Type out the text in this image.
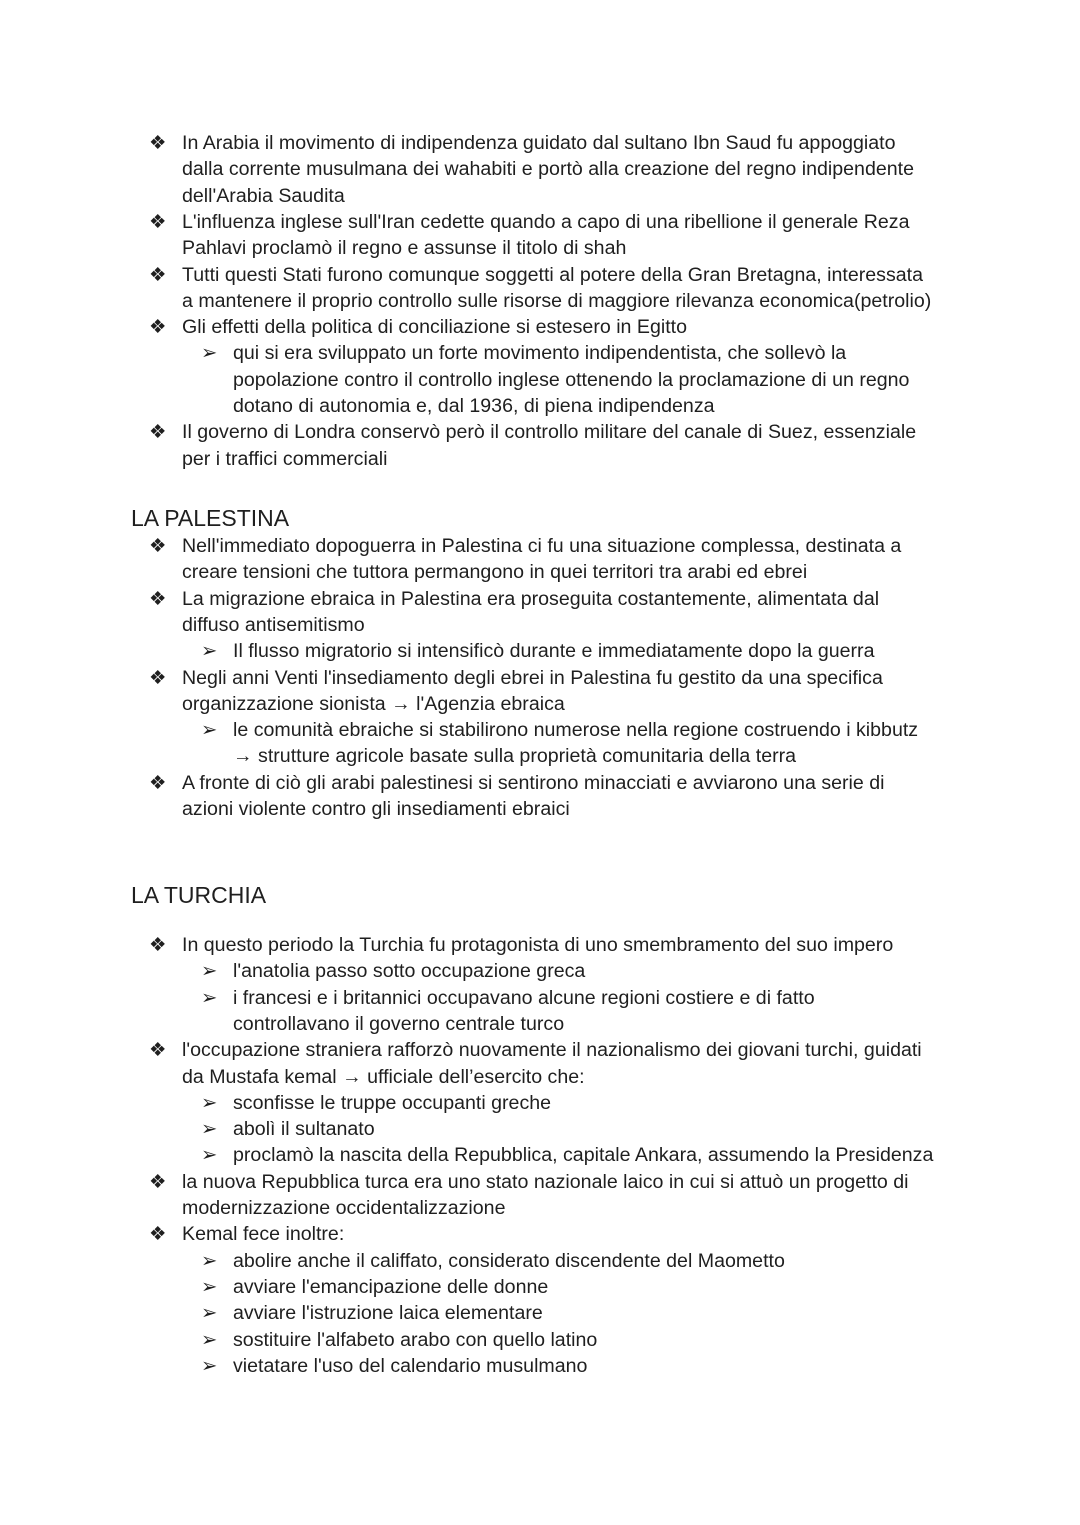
❖ In Arabia il movimento di indipendenza guidato dal sultano Ibn Saud fu appoggiato
dalla corrente musulmana dei wahabiti e portò alla creazione del regno indipendente
dell'Arabia Saudita
❖ L'influenza inglese sull'Iran cedette quando a capo di una ribellione il generale Reza
Pahlavi proclamò il regno e assunse il titolo di shah
❖ Tutti questi Stati furono comunque soggetti al potere della Gran Bretagna, interessata
a mantenere il proprio controllo sulle risorse di maggiore rilevanza economica(petrolio)
❖ Gli effetti della politica di conciliazione si estesero in Egitto
➢ qui si era sviluppato un forte movimento indipendentista, che sollevò la
popolazione contro il controllo inglese ottenendo la proclamazione di un regno
dotano di autonomia e, dal 1936, di piena indipendenza
❖ Il governo di Londra conservò però il controllo militare del canale di Suez, essenziale
per i traffici commerciali
LA PALESTINA
❖ Nell'immediato dopoguerra in Palestina ci fu una situazione complessa, destinata a
creare tensioni che tuttora permangono in quei territori tra arabi ed ebrei
❖ La migrazione ebraica in Palestina era proseguita costantemente, alimentata dal
diffuso antisemitismo
➢ Il flusso migratorio si intensificò durante e immediatamente dopo la guerra
❖ Negli anni Venti l'insediamento degli ebrei in Palestina fu gestito da una specifica
organizzazione sionista → l'Agenzia ebraica
➢ le comunità ebraiche si stabilirono numerose nella regione costruendo i kibbutz
→ strutture agricole basate sulla proprietà comunitaria della terra
❖ A fronte di ciò gli arabi palestinesi si sentirono minacciati e avviarono una serie di
azioni violente contro gli insediamenti ebraici
LA TURCHIA
❖ In questo periodo la Turchia fu protagonista di uno smembramento del suo impero
➢ l'anatolia passo sotto occupazione greca
➢ i francesi e i britannici occupavano alcune regioni costiere e di fatto
controllavano il governo centrale turco
❖ l'occupazione straniera rafforzò nuovamente il nazionalismo dei giovani turchi, guidati
da Mustafa kemal → ufficiale dell’esercito che:
➢ sconfisse le truppe occupanti greche
➢ abolì il sultanato
➢ proclamò la nascita della Repubblica, capitale Ankara, assumendo la Presidenza
❖ la nuova Repubblica turca era uno stato nazionale laico in cui si attuò un progetto di
modernizzazione occidentalizzazione
❖ Kemal fece inoltre:
➢ abolire anche il califfato, considerato discendente del Maometto
➢ avviare l'emancipazione delle donne
➢ avviare l'istruzione laica elementare
➢ sostituire l'alfabeto arabo con quello latino
➢ vietatare l'uso del calendario musulmano
